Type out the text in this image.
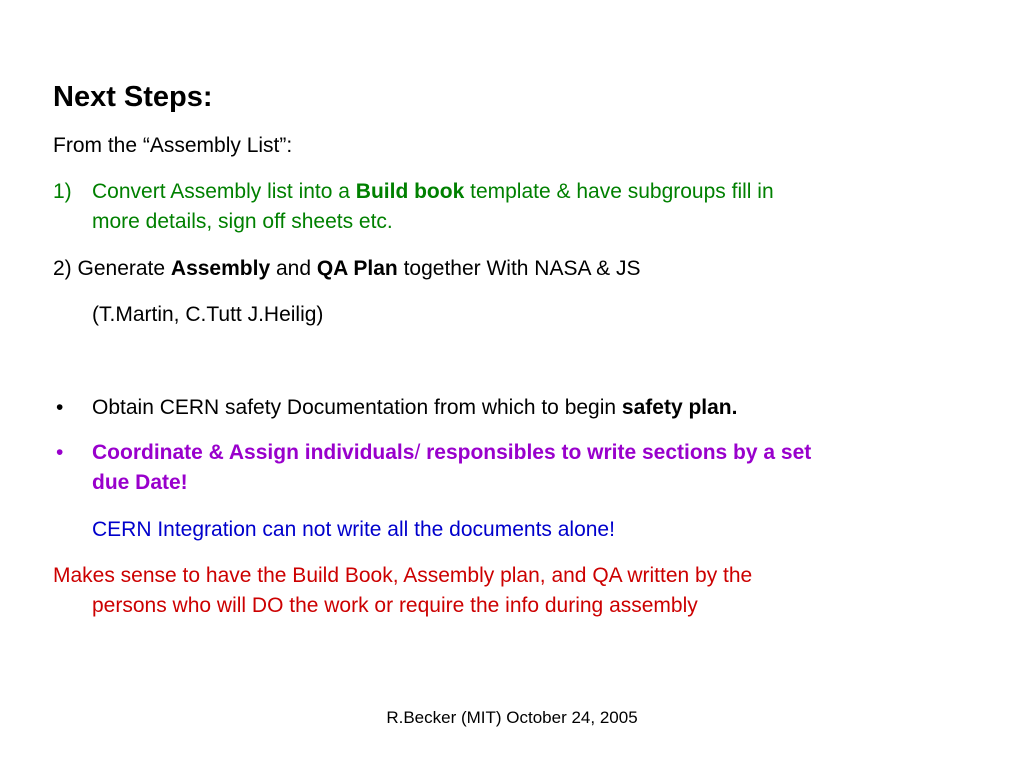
Next Steps:
From the “Assembly List”:
1) Convert Assembly list into a Build book template & have subgroups fill in
more details, sign off sheets etc.
2) Generate Assembly and QA Plan together With NASA & JS
(T.Martin, C.Tutt J.Heilig)
• Obtain CERN safety Documentation from which to begin safety plan.
• Coordinate & Assign individuals/ responsibles to write sections by a set
due Date!
CERN Integration can not write all the documents alone!
Makes sense to have the Build Book, Assembly plan, and QA written by the
persons who will DO the work or require the info during assembly
R.Becker (MIT) October 24, 2005
